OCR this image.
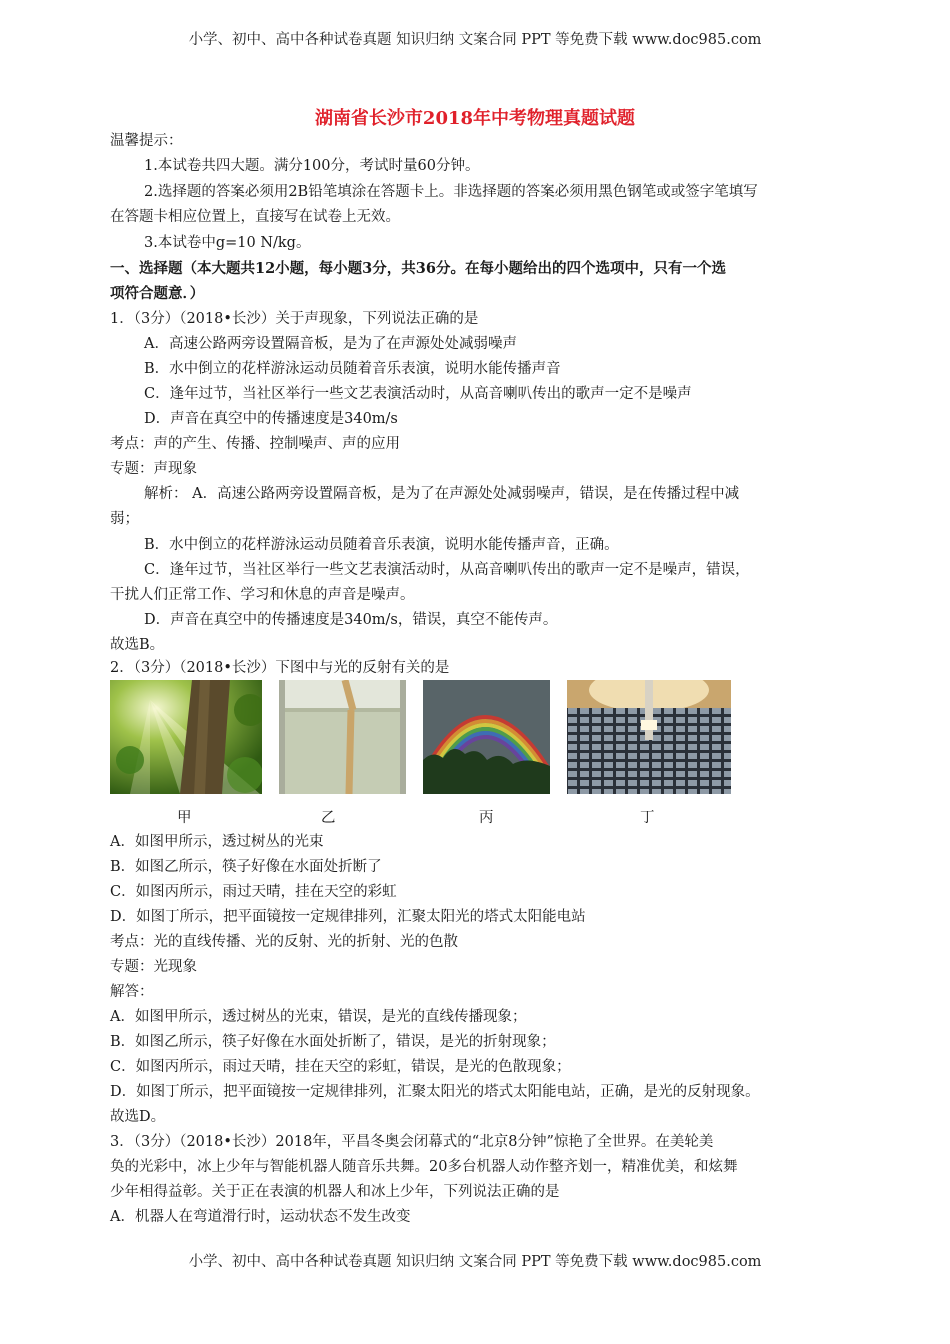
小学、初中、高中各种试卷真题 知识归纳 文案合同 PPT 等免费下载 www.doc985.com
湖南省长沙市2018年中考物理真题试题
温馨提示：
1.本试卷共四大题。满分100分，考试时量60分钟。
2.选择题的答案必须用2B铅笔填涂在答题卡上。非选择题的答案必须用黑色钢笔或或签字笔填写
在答题卡相应位置上，直接写在试卷上无效。
3.本试卷中g=10 N/kg。
一、选择题（本大题共12小题，每小题3分，共36分。在每小题给出的四个选项中，只有一个选
项符合题意．）
1．（3分）（2018•长沙）关于声现象，下列说法正确的是
A．高速公路两旁设置隔音板，是为了在声源处处减弱噪声
B．水中倒立的花样游泳运动员随着音乐表演，说明水能传播声音
C．逢年过节，当社区举行一些文艺表演活动时，从高音喇叭传出的歌声一定不是噪声
D．声音在真空中的传播速度是340m/s
考点：声的产生、传播、控制噪声、声的应用
专题：声现象
解析： A．高速公路两旁设置隔音板，是为了在声源处处减弱噪声，错误，是在传播过程中减
弱；
B．水中倒立的花样游泳运动员随着音乐表演，说明水能传播声音，正确。
C．逢年过节，当社区举行一些文艺表演活动时，从高音喇叭传出的歌声一定不是噪声，错误，
干扰人们正常工作、学习和休息的声音是噪声。
D．声音在真空中的传播速度是340m/s，错误，真空不能传声。
故选B。
2．（3分）（2018•长沙）下图中与光的反射有关的是
甲	乙	丙	丁
A．如图甲所示，透过树丛的光束
B．如图乙所示，筷子好像在水面处折断了
C．如图丙所示，雨过天晴，挂在天空的彩虹
D．如图丁所示，把平面镜按一定规律排列，汇聚太阳光的塔式太阳能电站
考点：光的直线传播、光的反射、光的折射、光的色散
专题：光现象
解答：
A．如图甲所示，透过树丛的光束，错误，是光的直线传播现象；
B．如图乙所示，筷子好像在水面处折断了，错误，是光的折射现象；
C．如图丙所示，雨过天晴，挂在天空的彩虹，错误，是光的色散现象；
D．如图丁所示，把平面镜按一定规律排列，汇聚太阳光的塔式太阳能电站，正确，是光的反射现象。
故选D。
3．（3分）（2018•长沙）2018年，平昌冬奥会闭幕式的“北京8分钟”惊艳了全世界。在美轮美
奂的光彩中，冰上少年与智能机器人随音乐共舞。20多台机器人动作整齐划一，精准优美，和炫舞
少年相得益彰。关于正在表演的机器人和冰上少年，下列说法正确的是
A．机器人在弯道滑行时，运动状态不发生改变
小学、初中、高中各种试卷真题 知识归纳 文案合同 PPT 等免费下载 www.doc985.com
